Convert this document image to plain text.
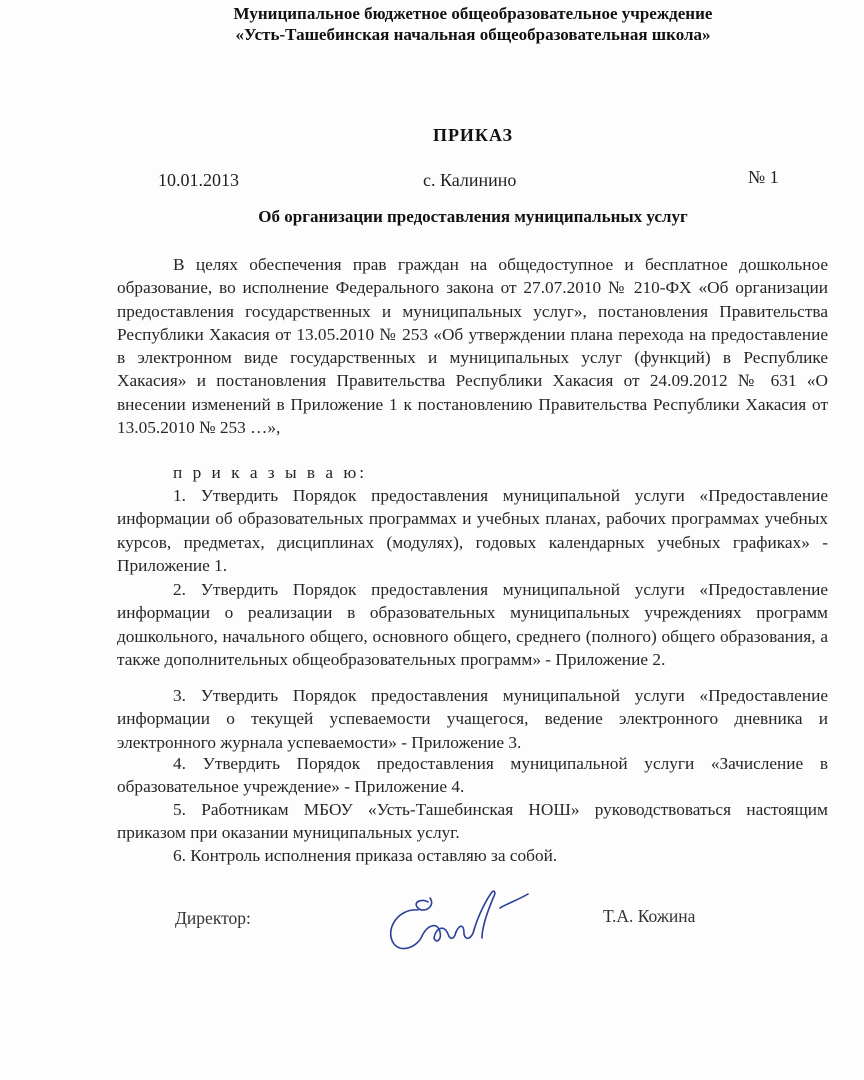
Муниципальное бюджетное общеобразовательное учреждение
«Усть-Ташебинская начальная общеобразовательная школа»
ПРИКАЗ
10.01.2013	с. Калинино	№ 1
Об организации предоставления муниципальных услуг

В целях обеспечения прав граждан на общедоступное и бесплатное дошкольное образование, во исполнение Федерального закона от 27.07.2010 № 210-ФХ «Об организации предоставления государственных и муниципальных услуг», постановления Правительства Республики Хакасия от 13.05.2010 № 253 «Об утверждении плана перехода на предоставление в электронном виде государственных и муниципальных услуг (функций) в Республике Хакасия» и постановления Правительства Республики Хакасия от 24.09.2012 № 631 «О внесении изменений в Приложение 1 к постановлению Правительства Республики Хакасия от 13.05.2010 № 253 …»,

п р и к а з ы в а ю:

1. Утвердить Порядок предоставления муниципальной услуги «Предоставление информации об образовательных программах и учебных планах, рабочих программах учебных курсов, предметах, дисциплинах (модулях), годовых календарных учебных графиках» - Приложение 1.

2. Утвердить Порядок предоставления муниципальной услуги «Предоставление информации о реализации в образовательных муниципальных учреждениях программ дошкольного, начального общего, основного общего, среднего (полного) общего образования, а также дополнительных общеобразовательных программ» - Приложение 2.

3. Утвердить Порядок предоставления муниципальной услуги «Предоставление информации о текущей успеваемости учащегося, ведение электронного дневника и электронного журнала успеваемости» - Приложение 3.

4. Утвердить Порядок предоставления муниципальной услуги «Зачисление в образовательное учреждение» - Приложение 4.

5. Работникам МБОУ «Усть-Ташебинская НОШ» руководствоваться настоящим приказом при оказании муниципальных услуг.

6. Контроль исполнения приказа оставляю за собой.

Директор:	Т.А. Кожина
